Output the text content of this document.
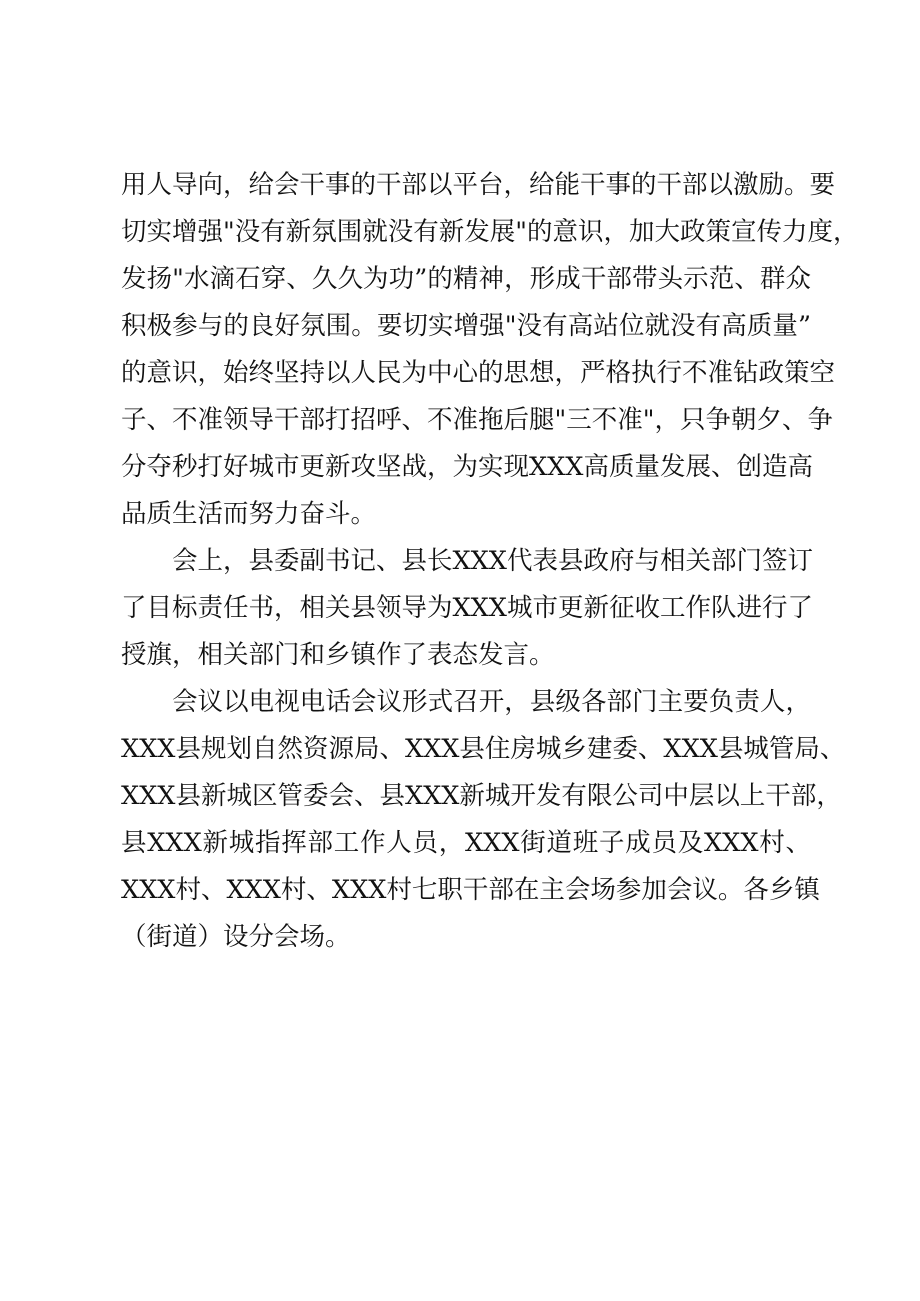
用人导向，给会干事的干部以平台，给能干事的干部以激励。要
切实增强"没有新氛围就没有新发展"的意识，加大政策宣传力度，
发扬"水滴石穿、久久为功”的精神，形成干部带头示范、群众
积极参与的良好氛围。要切实增强"没有高站位就没有高质量”
的意识，始终坚持以人民为中心的思想，严格执行不准钻政策空
子、不准领导干部打招呼、不准拖后腿"三不准"，只争朝夕、争
分夺秒打好城市更新攻坚战，为实现XXX高质量发展、创造高
品质生活而努力奋斗。
会上，县委副书记、县长XXX代表县政府与相关部门签订
了目标责任书，相关县领导为XXX城市更新征收工作队进行了
授旗，相关部门和乡镇作了表态发言。
会议以电视电话会议形式召开，县级各部门主要负责人，
XXX县规划自然资源局、XXX县住房城乡建委、XXX县城管局、
XXX县新城区管委会、县XXX新城开发有限公司中层以上干部，
县XXX新城指挥部工作人员，XXX街道班子成员及XXX村、
XXX村、XXX村、XXX村七职干部在主会场参加会议。各乡镇
（街道）设分会场。
